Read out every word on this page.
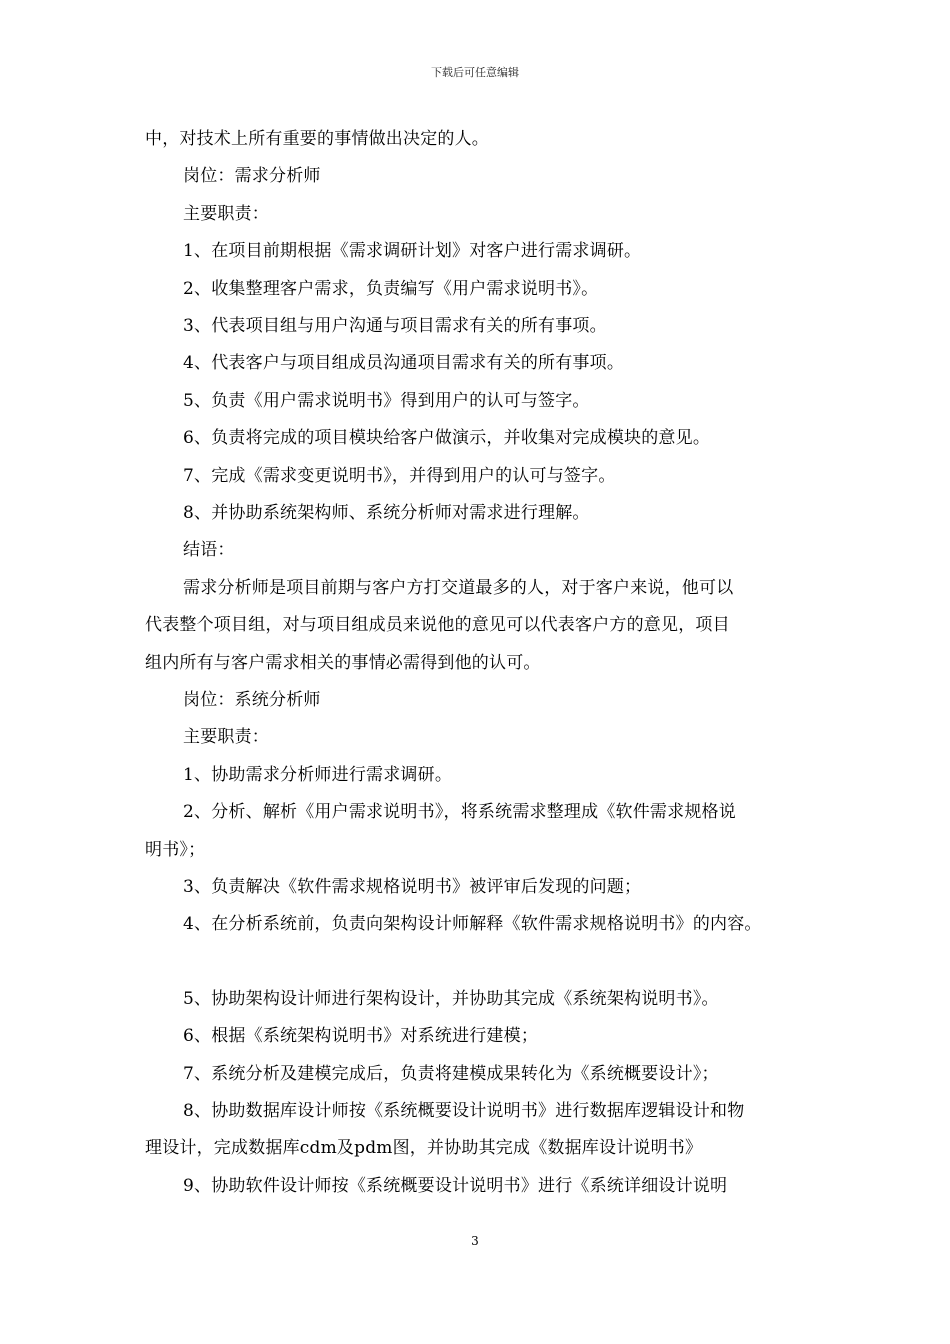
下载后可任意编辑
中，对技术上所有重要的事情做出决定的人。
岗位：需求分析师
主要职责：
1、在项目前期根据《需求调研计划》对客户进行需求调研。
2、收集整理客户需求，负责编写《用户需求说明书》。
3、代表项目组与用户沟通与项目需求有关的所有事项。
4、代表客户与项目组成员沟通项目需求有关的所有事项。
5、负责《用户需求说明书》得到用户的认可与签字。
6、负责将完成的项目模块给客户做演示，并收集对完成模块的意见。
7、完成《需求变更说明书》，并得到用户的认可与签字。
8、并协助系统架构师、系统分析师对需求进行理解。
结语：
需求分析师是项目前期与客户方打交道最多的人，对于客户来说，他可以
代表整个项目组，对与项目组成员来说他的意见可以代表客户方的意见，项目
组内所有与客户需求相关的事情必需得到他的认可。
岗位：系统分析师
主要职责：
1、协助需求分析师进行需求调研。
2、分析、解析《用户需求说明书》，将系统需求整理成《软件需求规格说
明书》；
3、负责解决《软件需求规格说明书》被评审后发现的问题；
4、在分析系统前，负责向架构设计师解释《软件需求规格说明书》的内容。
5、协助架构设计师进行架构设计，并协助其完成《系统架构说明书》。
6、根据《系统架构说明书》对系统进行建模；
7、系统分析及建模完成后，负责将建模成果转化为《系统概要设计》；
8、协助数据库设计师按《系统概要设计说明书》进行数据库逻辑设计和物
理设计，完成数据库cdm及pdm图，并协助其完成《数据库设计说明书》
9、协助软件设计师按《系统概要设计说明书》进行《系统详细设计说明
3
